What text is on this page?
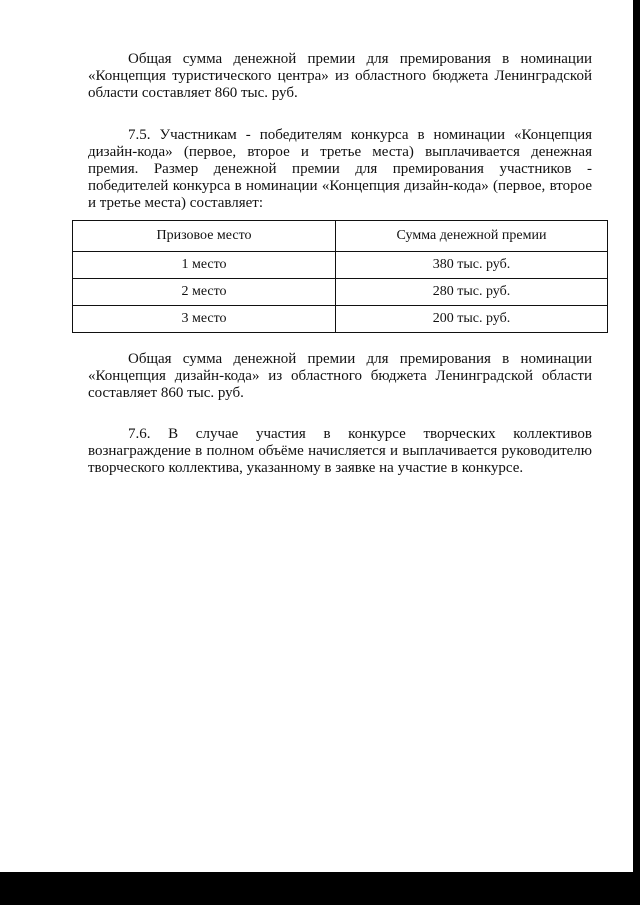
Общая сумма денежной премии для премирования в номинации «Концепция туристического центра» из областного бюджета Ленинградской области составляет 860 тыс. руб.

7.5. Участникам - победителям конкурса в номинации «Концепция дизайн-кода» (первое, второе и третье места) выплачивается денежная премия. Размер денежной премии для премирования участников - победителей конкурса в номинации «Концепция дизайн-кода» (первое, второе и третье места) составляет:

Призовое место	Сумма денежной премии
1 место	380 тыс. руб.
2 место	280 тыс. руб.
3 место	200 тыс. руб.

Общая сумма денежной премии для премирования в номинации «Концепция дизайн-кода» из областного бюджета Ленинградской области составляет 860 тыс. руб.

7.6. В случае участия в конкурсе творческих коллективов вознаграждение в полном объёме начисляется и выплачивается руководителю творческого коллектива, указанному в заявке на участие в конкурсе.
